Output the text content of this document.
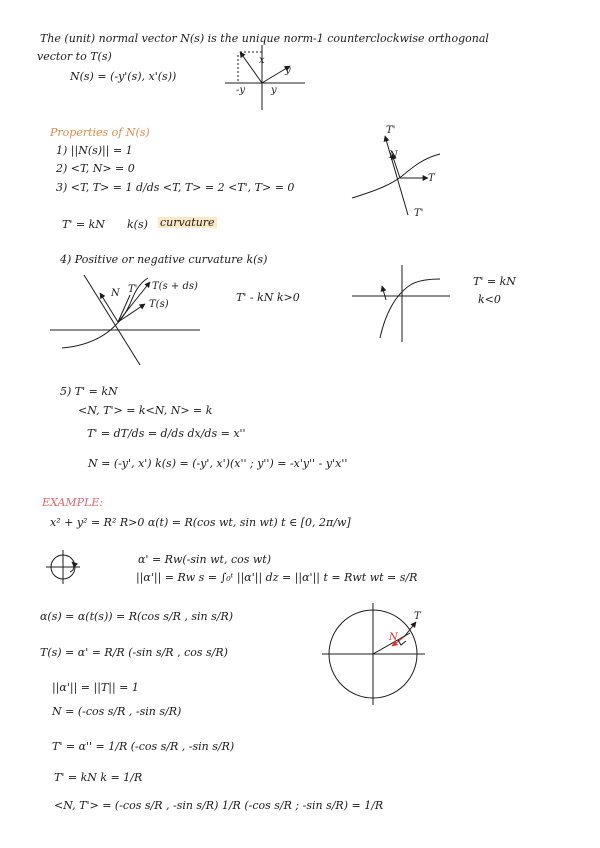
The (unit) normal vector N(s) is the unique norm-1 counterclockwise orthogonal
vector to T(s)
N(s) = (-y'(s), x'(s))
x
y
-y	y
Properties of N(s)
1) ||N(s)|| = 1
2) <T, N> = 0
3) <T, T> = 1 d/ds <T, T> = 2 <T', T> = 0
T' = kN k(s) curvature
T'
N
T
T'
4) Positive or negative curvature k(s)
T' - kN k>0
T' = kN
k<0
N T' T(s + ds)
T(s)
5) T' = kN
<N, T'> = k<N, N> = k
T' = dT/ds = d/ds dx/ds = x''
N = (-y', x') k(s) = (-y', x')(x'' ; y'') = -x'y'' - y'x''
EXAMPLE:
x² + y² = R² R>0 α(t) = R(cos wt, sin wt) t ∈ [0, 2π/w]
α' = Rw(-sin wt, cos wt)
||α'|| = Rw s = ∫₀ᵗ ||α'|| dz = ||α'|| t = Rwt wt = s/R
α(s) = α(t(s)) = R(cos s/R , sin s/R)
T(s) = α' = R/R (-sin s/R , cos s/R)
||α'|| = ||T|| = 1
N = (-cos s/R , -sin s/R)
T' = α'' = 1/R (-cos s/R , -sin s/R)
T' = kN k = 1/R
<N, T'> = (-cos s/R , -sin s/R) 1/R (-cos s/R ; -sin s/R) = 1/R
T
N
